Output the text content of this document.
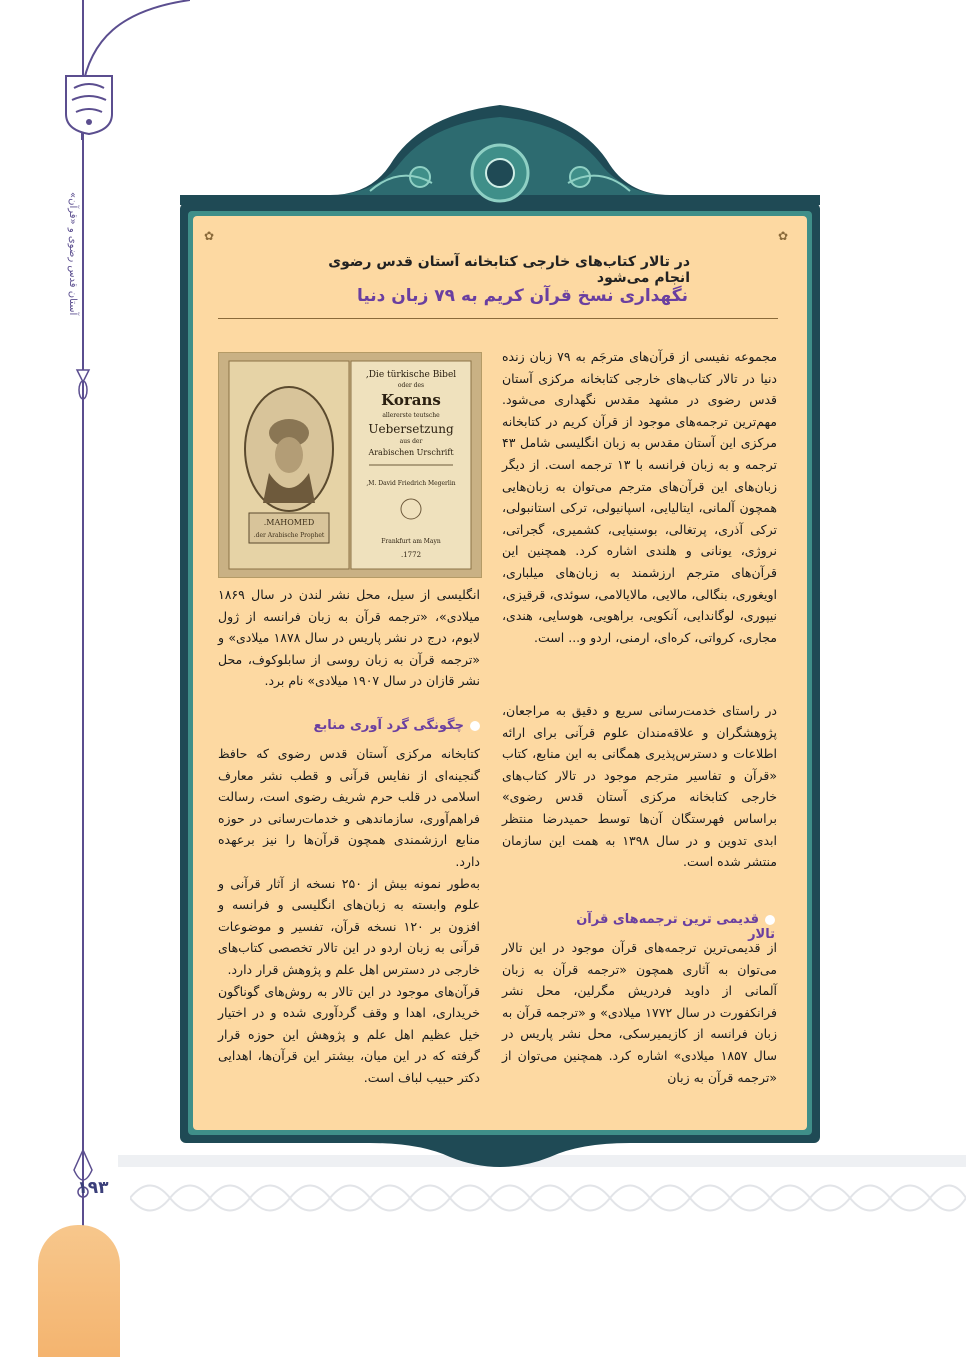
آستان قدس رضوی و «قرآن»
۱۹۳
✿	✿
در تالار کتاب‌های خارجی کتابخانه آستان قدس رضوی انجام می‌شود
نگهداری نسخ قرآن کریم به ۷۹ زبان دنیا
MAHOMED.
der Arabische Prophet.
Die türkische Bibel,
oder des
Korans
allererste teutsche
Uebersetzung
aus der
Arabischen Urschrift
M. David Friedrich Megerlin,
Frankfurt am Mayn
1772.

مجموعه نفیسی از قرآن‌های مترجَم به ۷۹ زبان زنده دنیا در تالار کتاب‌های خارجی کتابخانه مرکزی آستان قدس رضوی در مشهد مقدس نگهداری می‌شود. مهم‌ترین ترجمه‌های موجود از قرآن کریم در کتابخانه مرکزی این آستان مقدس به زبان انگلیسی شامل ۴۳ ترجمه و به زبان فرانسه با ۱۳ ترجمه است. از دیگر زبان‌های این قرآن‌های مترجم می‌توان به زبان‌هایی همچون آلمانی، ایتالیایی، اسپانیولی، ترکی استانبولی، ترکی آذری، پرتغالی، بوسنیایی، کشمیری، گجراتی، نروژی، یونانی و هلندی اشاره کرد. همچنین این قرآن‌های مترجم ارزشمند به زبان‌های میلباری، اویغوری، بنگالی، مالایی، مالایالامی، سوئدی، قرقیزی، نیپوری، لوگاندایی، آنکویی، براهویی، هوسایی، هندی، مجاری، کرواتی، کره‌ای، ارمنی، اردو و... است.

در راستای خدمت‌رسانی سریع و دقیق به مراجعان، پژوهشگران و علاقه‌مندان علوم قرآنی برای ارائه اطلاعات و دسترس‌پذیری همگانی به این منابع، کتاب «قرآن و تفاسیر مترجم موجود در تالار کتاب‌های خارجی کتابخانه مرکزی آستان قدس رضوی» براساس فهرستگان آن‌ها توسط حمیدرضا منتظر ابدی تدوین و در سال ۱۳۹۸ به همت این سازمان منتشر شده است.

قدیمی ترین ترجمه‌های قرآن تالار

از قدیمی‌ترین ترجمه‌های قرآن موجود در این تالار می‌توان به آثاری همچون «ترجمه قرآن به زبان آلمانی از داوید فردریش مگرلین، محل نشر فرانکفورت در سال ۱۷۷۲ میلادی» و «ترجمه قرآن به زبان فرانسه از کازیمیرسکی، محل نشر پاریس در سال ۱۸۵۷ میلادی» اشاره کرد. همچنین می‌توان از «ترجمه قرآن به زبان

انگلیسی از سیل، محل نشر لندن در سال ۱۸۶۹ میلادی»، «ترجمه قرآن به زبان فرانسه از ژول لابوم، درج در نشر پاریس در سال ۱۸۷۸ میلادی» و «ترجمه قرآن به زبان روسی از سابلوکوف، محل نشر قازان در سال ۱۹۰۷ میلادی» نام برد.

چگونگی گرد آوری منابع

کتابخانه مرکزی آستان قدس رضوی که حافظ گنجینه‌ای از نفایس قرآنی و قطب نشر معارف اسلامی در قلب حرم شریف رضوی است، رسالت فراهم‌آوری، سازماندهی و خدمات‌رسانی در حوزه منابع ارزشمندی همچون قرآن‌ها را نیز برعهده دارد.

به‌طور نمونه بیش از ۲۵۰ نسخه از آثار قرآنی و علوم وابسته به زبان‌های انگلیسی و فرانسه و افزون بر ۱۲۰ نسخه قرآن، تفسیر و موضوعات قرآنی به زبان اردو در این تالار تخصصی کتاب‌های خارجی در دسترس اهل علم و پژوهش قرار دارد.

قرآن‌های موجود در این تالار به روش‌های گوناگون خریداری، اهدا و وقف گردآوری شده و در اختیار خیل عظیم اهل علم و پژوهش این حوزه قرار گرفته که در این میان، بیشتر این قرآن‌ها، اهدایی دکتر حبیب لباف است.
